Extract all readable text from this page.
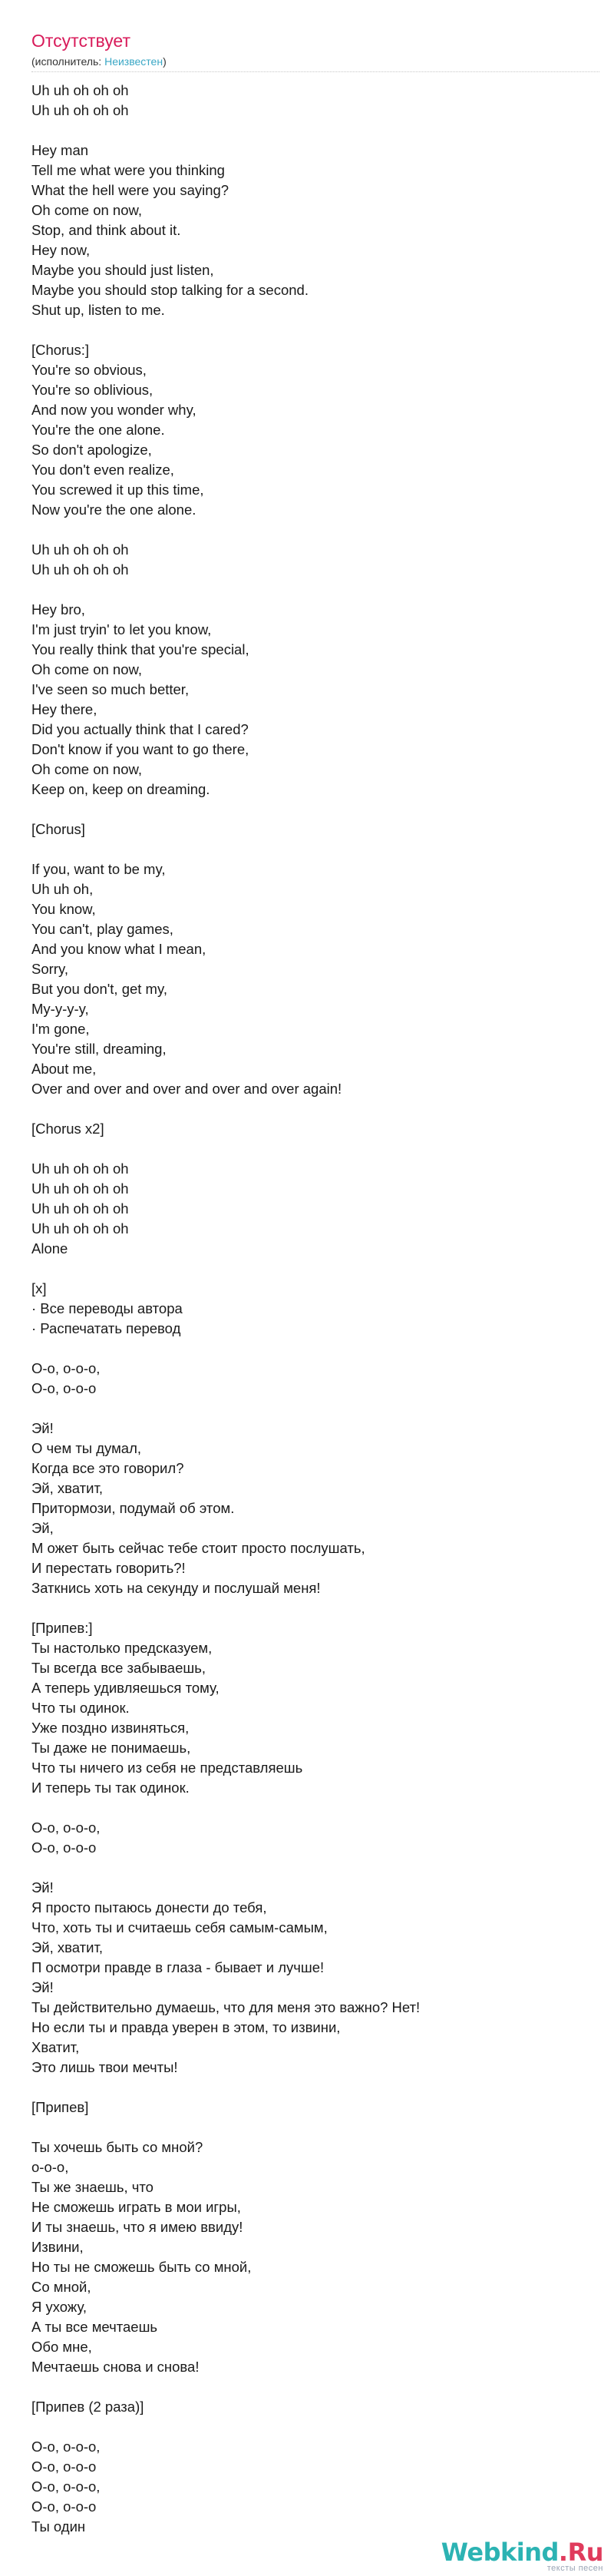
Отсутствует
(исполнитель: Неизвестен)
Uh uh oh oh oh
Uh uh oh oh oh
Hey man
Tell me what were you thinking
What the hell were you saying?
Oh come on now,
Stop, and think about it.
Hey now,
Maybe you should just listen,
Maybe you should stop talking for a second.
Shut up, listen to me.
[Chorus:]
You're so obvious,
You're so oblivious,
And now you wonder why,
You're the one alone.
So don't apologize,
You don't even realize,
You screwed it up this time,
Now you're the one alone.
Uh uh oh oh oh
Uh uh oh oh oh
Hey bro,
I'm just tryin' to let you know,
You really think that you're special,
Oh come on now,
I've seen so much better,
Hey there,
Did you actually think that I cared?
Don't know if you want to go there,
Oh come on now,
Keep on, keep on dreaming.
[Chorus]
If you, want to be my,
Uh uh oh,
You know,
You can't, play games,
And you know what I mean,
Sorry,
But you don't, get my,
My-y-y-y,
I'm gone,
You're still, dreaming,
About me,
Over and over and over and over and over again!
[Chorus x2]
Uh uh oh oh oh
Uh uh oh oh oh
Uh uh oh oh oh
Uh uh oh oh oh
Alone
[x]
· Все переводы автора
· Распечатать перевод
О-о, о-о-о,
О-о, о-о-о
Эй!
О чем ты думал,
Когда все это говорил?
Эй, хватит,
Притормози, подумай об этом.
Эй,
М ожет быть сейчас тебе стоит просто послушать,
И перестать говорить?!
Заткнись хоть на секунду и послушай меня!
[Припев:]
Ты настолько предсказуем,
Ты всегда все забываешь,
А теперь удивляешься тому,
Что ты одинок.
Уже поздно извиняться,
Ты даже не понимаешь,
Что ты ничего из себя не представляешь
И теперь ты так одинок.
О-о, о-о-о,
О-о, о-о-о
Эй!
Я просто пытаюсь донести до тебя,
Что, хоть ты и считаешь себя самым-самым,
Эй, хватит,
П осмотри правде в глаза - бывает и лучше!
Эй!
Ты действительно думаешь, что для меня это важно? Нет!
Но если ты и правда уверен в этом, то извини,
Хватит,
Это лишь твои мечты!
[Припев]
Ты хочешь быть со мной?
о-о-о,
Ты же знаешь, что
Не сможешь играть в мои игры,
И ты знаешь, что я имею ввиду!
Извини,
Но ты не сможешь быть со мной,
Со мной,
Я ухожу,
А ты все мечтаешь
Обо мне,
Мечтаешь снова и снова!
[Припев (2 раза)]
О-о, о-о-о,
О-о, о-о-о
О-о, о-о-о,
О-о, о-о-о
Ты один
Webkind.Ru
тексты песен
